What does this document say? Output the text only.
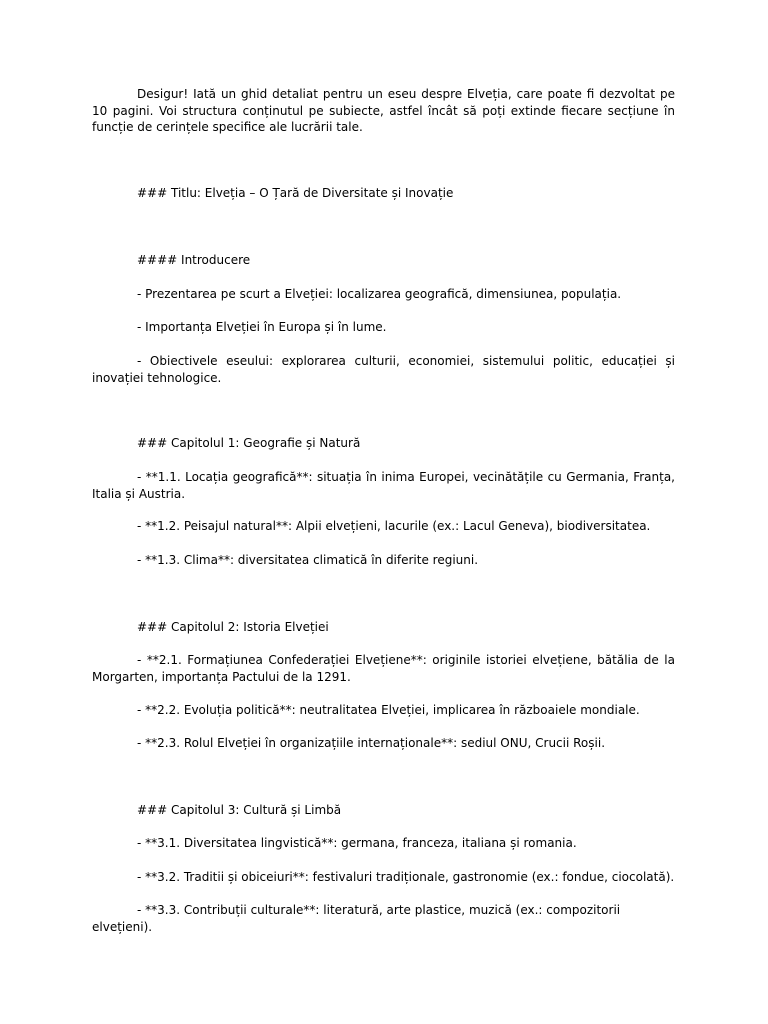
Desigur! Iată un ghid detaliat pentru un eseu despre Elveția, care poate fi dezvoltat pe 10 pagini. Voi structura conținutul pe subiecte, astfel încât să poți extinde fiecare secțiune în funcție de cerințele specifice ale lucrării tale.

### Titlu: Elveția – O Țară de Diversitate și Inovație

#### Introducere

- Prezentarea pe scurt a Elveției: localizarea geografică, dimensiunea, populația.

- Importanța Elveției în Europa și în lume.

- Obiectivele eseului: explorarea culturii, economiei, sistemului politic, educației și inovației tehnologice.

### Capitolul 1: Geografie și Natură

- **1.1. Locația geografică**: situația în inima Europei, vecinătățile cu Germania, Franța, Italia și Austria.

- **1.2. Peisajul natural**: Alpii elvețieni, lacurile (ex.: Lacul Geneva), biodiversitatea.

- **1.3. Clima**: diversitatea climatică în diferite regiuni.

### Capitolul 2: Istoria Elveției

- **2.1. Formațiunea Confederației Elvețiene**: originile istoriei elvețiene, bătălia de la Morgarten, importanța Pactului de la 1291.

- **2.2. Evoluția politică**: neutralitatea Elveției, implicarea în războaiele mondiale.

- **2.3. Rolul Elveției în organizațiile internaționale**: sediul ONU, Crucii Roșii.

### Capitolul 3: Cultură și Limbă

- **3.1. Diversitatea lingvistică**: germana, franceza, italiana și romania.

- **3.2. Traditii și obiceiuri**: festivaluri tradiționale, gastronomie (ex.: fondue, ciocolată).

- **3.3. Contribuții culturale**: literatură, arte plastice, muzică (ex.: compozitorii elvețieni).
